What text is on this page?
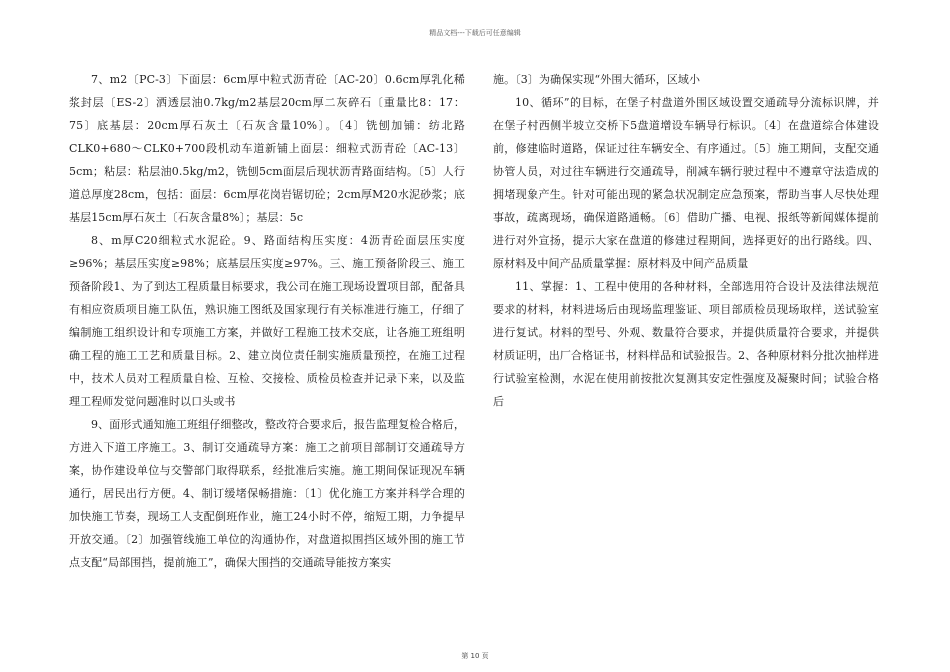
精品文档---下载后可任意编辑

7、m2〔PC-3〕下面层：6cm厚中粒式沥青砼〔AC-20〕0.6cm厚乳化稀浆封层〔ES-2〕洒透层油0.7kg/m2基层20cm厚二灰碎石〔重量比8：17：75〕底基层：20cm厚石灰土〔石灰含量10%〕。〔4〕铣刨加铺：纺北路CLK0+680～CLK0+700段机动车道新铺上面层：细粒式沥青砼〔AC-13〕5cm；粘层：粘层油0.5kg/m2，铣刨5cm面层后现状沥青路面结构。〔5〕人行道总厚度28cm，包括：面层：6cm厚花岗岩锯切砼；2cm厚M20水泥砂浆；底基层15cm厚石灰土〔石灰含量8%〕；基层：5c

8、m厚C20细粒式水泥砼。9、路面结构压实度：4沥青砼面层压实度≥96%；基层压实度≥98%；底基层压实度≥97%。三、施工预备阶段三、施工预备阶段1、为了到达工程质量目标要求，我公司在施工现场设置项目部，配备具有相应资质项目施工队伍，熟识施工图纸及国家现行有关标准进行施工，仔细了编制施工组织设计和专项施工方案，并做好工程施工技术交底，让各施工班组明确工程的施工工艺和质量目标。2、建立岗位责任制实施质量预控，在施工过程中，技术人员对工程质量自检、互检、交接检、质检员检查并记录下来，以及监理工程师发觉问题准时以口头或书

9、面形式通知施工班组仔细整改，整改符合要求后，报告监理复检合格后，方进入下道工序施工。3、制订交通疏导方案：施工之前项目部制订交通疏导方案，协作建设单位与交警部门取得联系，经批准后实施。施工期间保证现况车辆通行，居民出行方便。4、制订缓堵保畅措施：〔1〕优化施工方案并科学合理的加快施工节奏，现场工人支配倒班作业，施工24小时不停，缩短工期，力争提早开放交通。〔2〕加强管线施工单位的沟通协作，对盘道拟围挡区域外围的施工节点支配“局部围挡，提前施工”，确保大围挡的交通疏导能按方案实

施。〔3〕为确保实现“外围大循环，区域小

10、循环”的目标，在堡子村盘道外围区域设置交通疏导分流标识牌，并在堡子村西侧半坡立交桥下5盘道增设车辆导行标识。〔4〕在盘道综合体建设前，修建临时道路，保证过往车辆安全、有序通过。〔5〕施工期间，支配交通协管人员，对过往车辆进行交通疏导，削减车辆行驶过程中不遵章守法造成的拥堵现象产生。针对可能出现的紧急状况制定应急预案，帮助当事人尽快处理事故，疏离现场，确保道路通畅。〔6〕借助广播、电视、报纸等新闻媒体提前进行对外宣扬，提示大家在盘道的修建过程期间，选择更好的出行路线。四、原材料及中间产品质量掌握：原材料及中间产品质量

11、掌握：1、工程中使用的各种材料，全部选用符合设计及法律法规范要求的材料，材料进场后由现场监理鉴证、项目部质检员现场取样，送试验室进行复试。材料的型号、外观、数量符合要求，并提供质量符合要求，并提供材质证明，出厂合格证书，材料样品和试验报告。2、各种原材料分批次抽样进行试验室检测，水泥在使用前按批次复测其安定性强度及凝聚时间；试验合格后

第 10 页
